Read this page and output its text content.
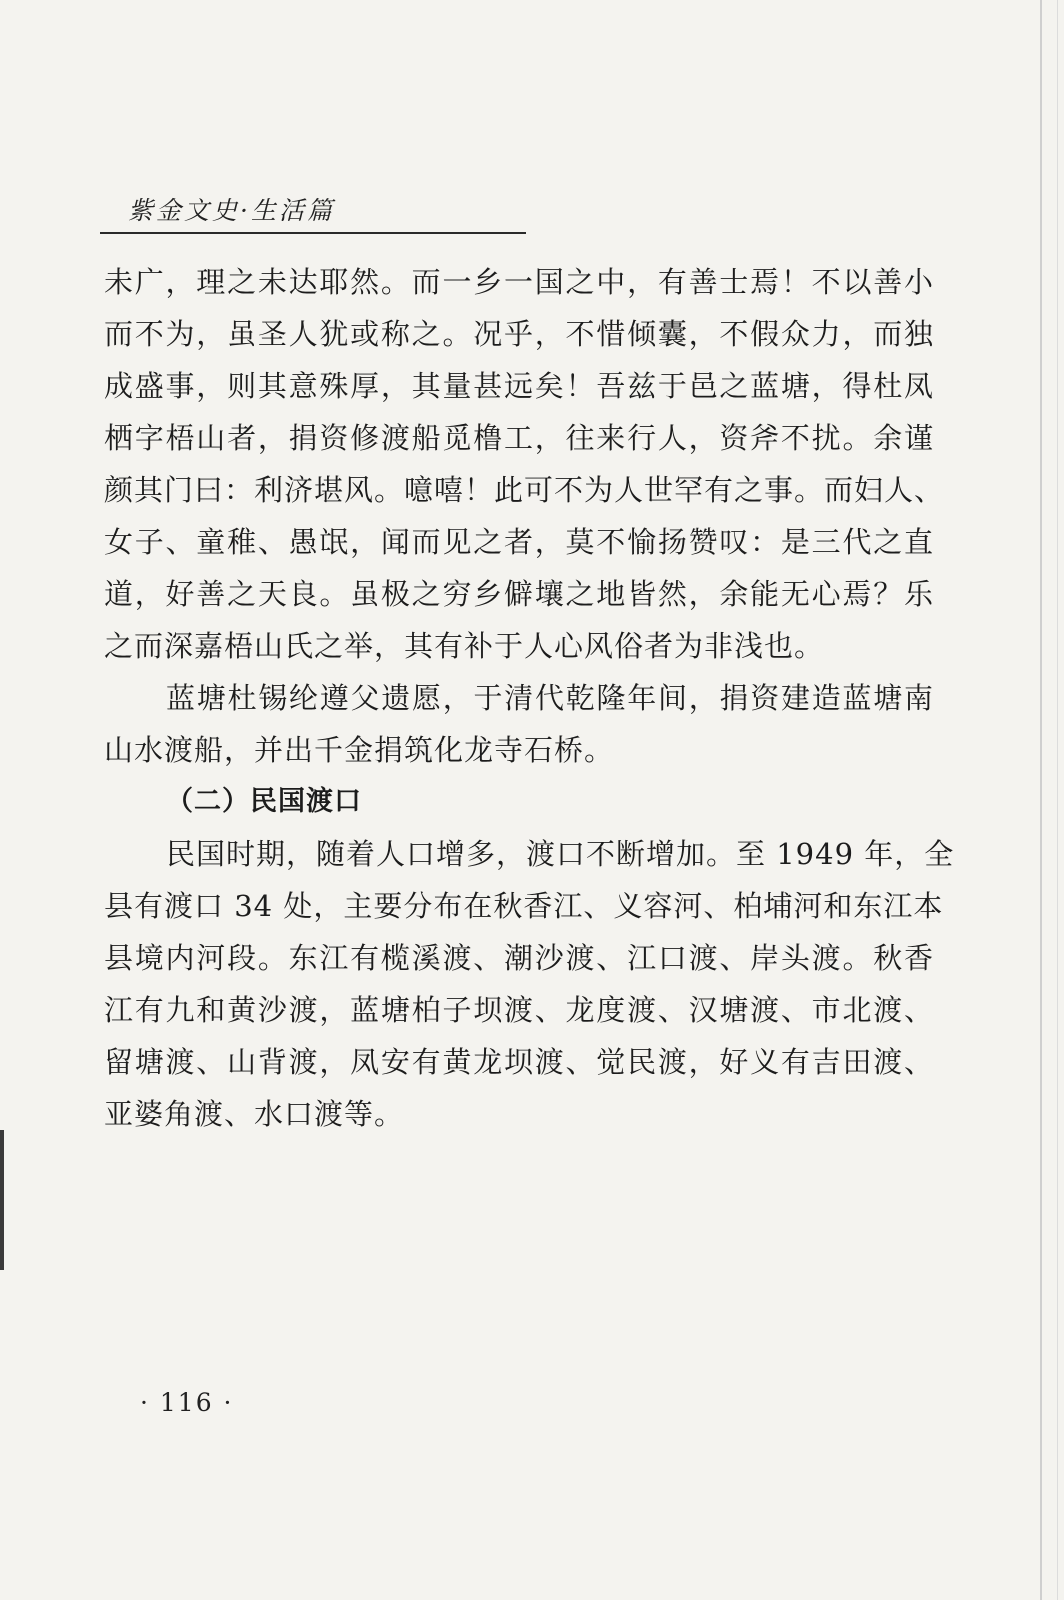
紫金文史·生活篇
未广，理之未达耶然。而一乡一国之中，有善士焉！不以善小
而不为，虽圣人犹或称之。况乎，不惜倾囊，不假众力，而独
成盛事，则其意殊厚，其量甚远矣！吾兹于邑之蓝塘，得杜凤
栖字梧山者，捐资修渡船觅橹工，往来行人，资斧不扰。余谨
颜其门曰：利济堪风。噫嘻！此可不为人世罕有之事。而妇人、
女子、童稚、愚氓，闻而见之者，莫不愉扬赞叹：是三代之直
道，好善之天良。虽极之穷乡僻壤之地皆然，余能无心焉？乐
之而深嘉梧山氏之举，其有补于人心风俗者为非浅也。
蓝塘杜锡纶遵父遗愿，于清代乾隆年间，捐资建造蓝塘南
山水渡船，并出千金捐筑化龙寺石桥。
（二）民国渡口
民国时期，随着人口增多，渡口不断增加。至 1949 年，全
县有渡口 34 处，主要分布在秋香江、义容河、柏埔河和东江本
县境内河段。东江有榄溪渡、潮沙渡、江口渡、岸头渡。秋香
江有九和黄沙渡，蓝塘柏子坝渡、龙度渡、汉塘渡、市北渡、
留塘渡、山背渡，凤安有黄龙坝渡、觉民渡，好义有吉田渡、
亚婆角渡、水口渡等。
· 116 ·
